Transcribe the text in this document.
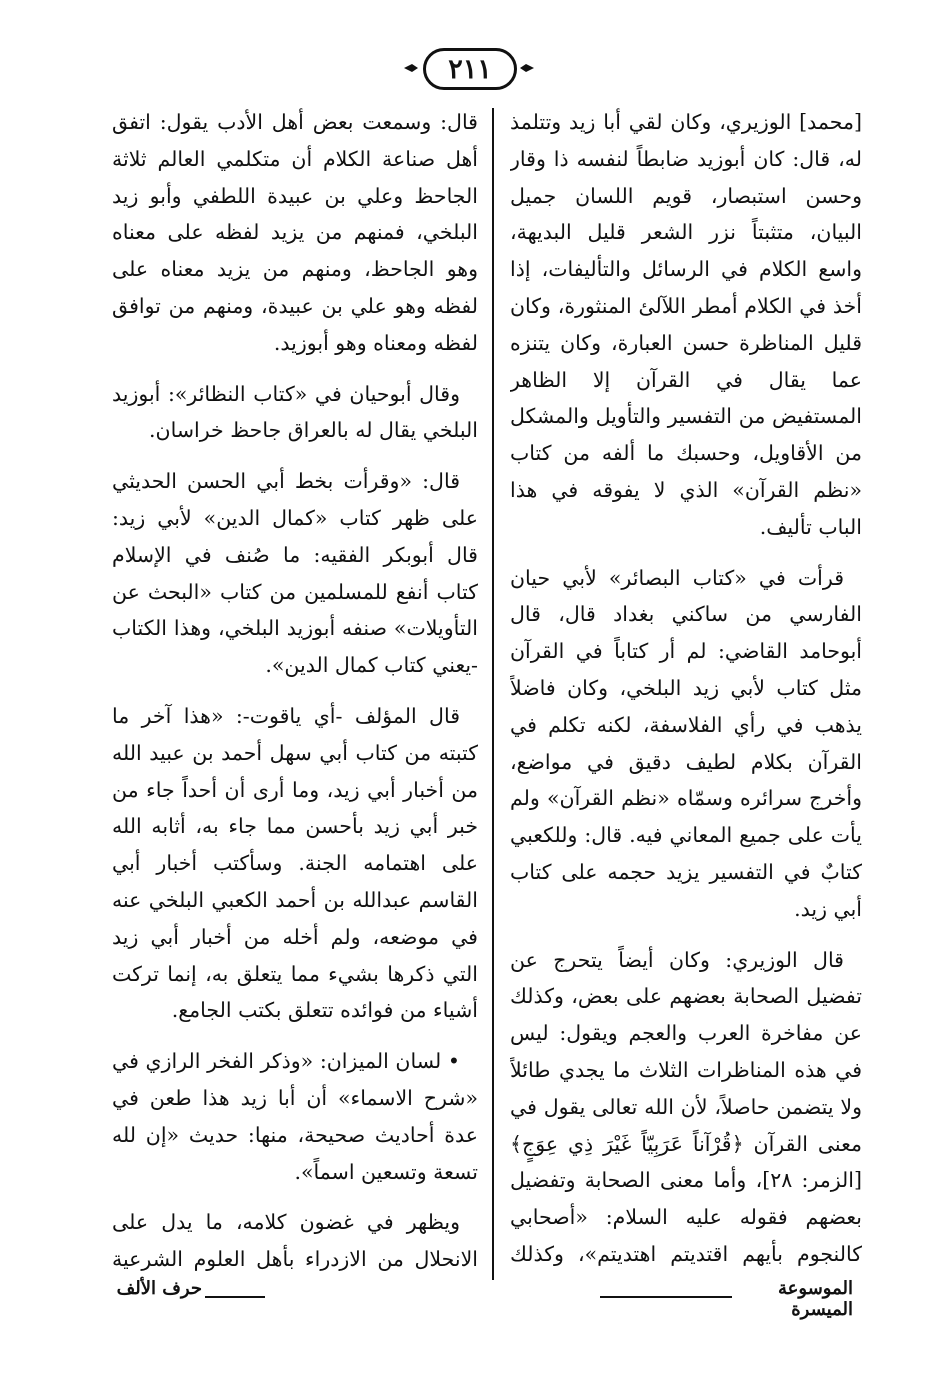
٢١١

[محمد] الوزيري، وكان لقي أبا زيد وتتلمذ له، قال: كان أبوزيد ضابطاً لنفسه ذا وقار وحسن استبصار، قويم اللسان جميل البيان، متثبتاً نزر الشعر قليل البديهة، واسع الكلام في الرسائل والتأليفات، إذا أخذ في الكلام أمطر اللآلئ المنثورة، وكان قليل المناظرة حسن العبارة، وكان يتنزه عما يقال في القرآن إلا الظاهر المستفيض من التفسير والتأويل والمشكل من الأقاويل، وحسبك ما ألفه من كتاب «نظم القرآن» الذي لا يفوقه في هذا الباب تأليف.

قرأت في «كتاب البصائر» لأبي حيان الفارسي من ساكني بغداد قال، قال أبوحامد القاضي: لم أر كتاباً في القرآن مثل كتاب لأبي زيد البلخي، وكان فاضلاً يذهب في رأي الفلاسفة، لكنه تكلم في القرآن بكلام لطيف دقيق في مواضع، وأخرج سرائره وسمّاه «نظم القرآن» ولم يأت على جميع المعاني فيه. قال: وللكعبي كتابٌ في التفسير يزيد حجمه على كتاب أبي زيد.

قال الوزيري: وكان أيضاً يتحرج عن تفضيل الصحابة بعضهم على بعض، وكذلك عن مفاخرة العرب والعجم ويقول: ليس في هذه المناظرات الثلاث ما يجدي طائلاً ولا يتضمن حاصلاً، لأن الله تعالى يقول في معنى القرآن ﴿قُرْآناً عَرَبِيّاً غَيْرَ ذِي عِوَجٍ﴾ [الزمر: ٢٨]، وأما معنى الصحابة وتفضيل بعضهم فقوله عليه السلام: «أصحابي كالنجوم بأيهم اقتديتم اهتديتم»، وكذلك

قال: وسمعت بعض أهل الأدب يقول: اتفق أهل صناعة الكلام أن متكلمي العالم ثلاثة الجاحظ وعلي بن عبيدة اللطفي وأبو زيد البلخي، فمنهم من يزيد لفظه على معناه وهو الجاحظ، ومنهم من يزيد معناه على لفظه وهو علي بن عبيدة، ومنهم من توافق لفظه ومعناه وهو أبوزيد.

وقال أبوحيان في «كتاب النظائر»: أبوزيد البلخي يقال له بالعراق جاحظ خراسان.

قال: «وقرأت بخط أبي الحسن الحديثي على ظهر كتاب «كمال الدين» لأبي زيد: قال أبوبكر الفقيه: ما صُنف في الإسلام كتاب أنفع للمسلمين من كتاب «البحث عن التأويلات» صنفه أبوزيد البلخي، وهذا الكتاب -يعني كتاب كمال الدين».

قال المؤلف -أي ياقوت-: «هذا آخر ما كتبته من كتاب أبي سهل أحمد بن عبيد الله من أخبار أبي زيد، وما أرى أن أحداً جاء من خبر أبي زيد بأحسن مما جاء به، أثابه الله على اهتمامه الجنة. وسأكتب أخبار أبي القاسم عبدالله بن أحمد الكعبي البلخي عنه في موضعه، ولم أخله من أخبار أبي زيد التي ذكرها بشيء مما يتعلق به، إنما تركت أشياء من فوائده تتعلق بكتب الجامع.

• لسان الميزان: «وذكر الفخر الرازي في «شرح الاسماء» أن أبا زيد هذا طعن في عدة أحاديث صحيحة، منها: حديث «إن لله تسعة وتسعين اسماً».

ويظهر في غضون كلامه، ما يدل على الانحلال من الازدراء بأهل العلوم الشرعية

الموسوعة الميسرة
حرف الألف
